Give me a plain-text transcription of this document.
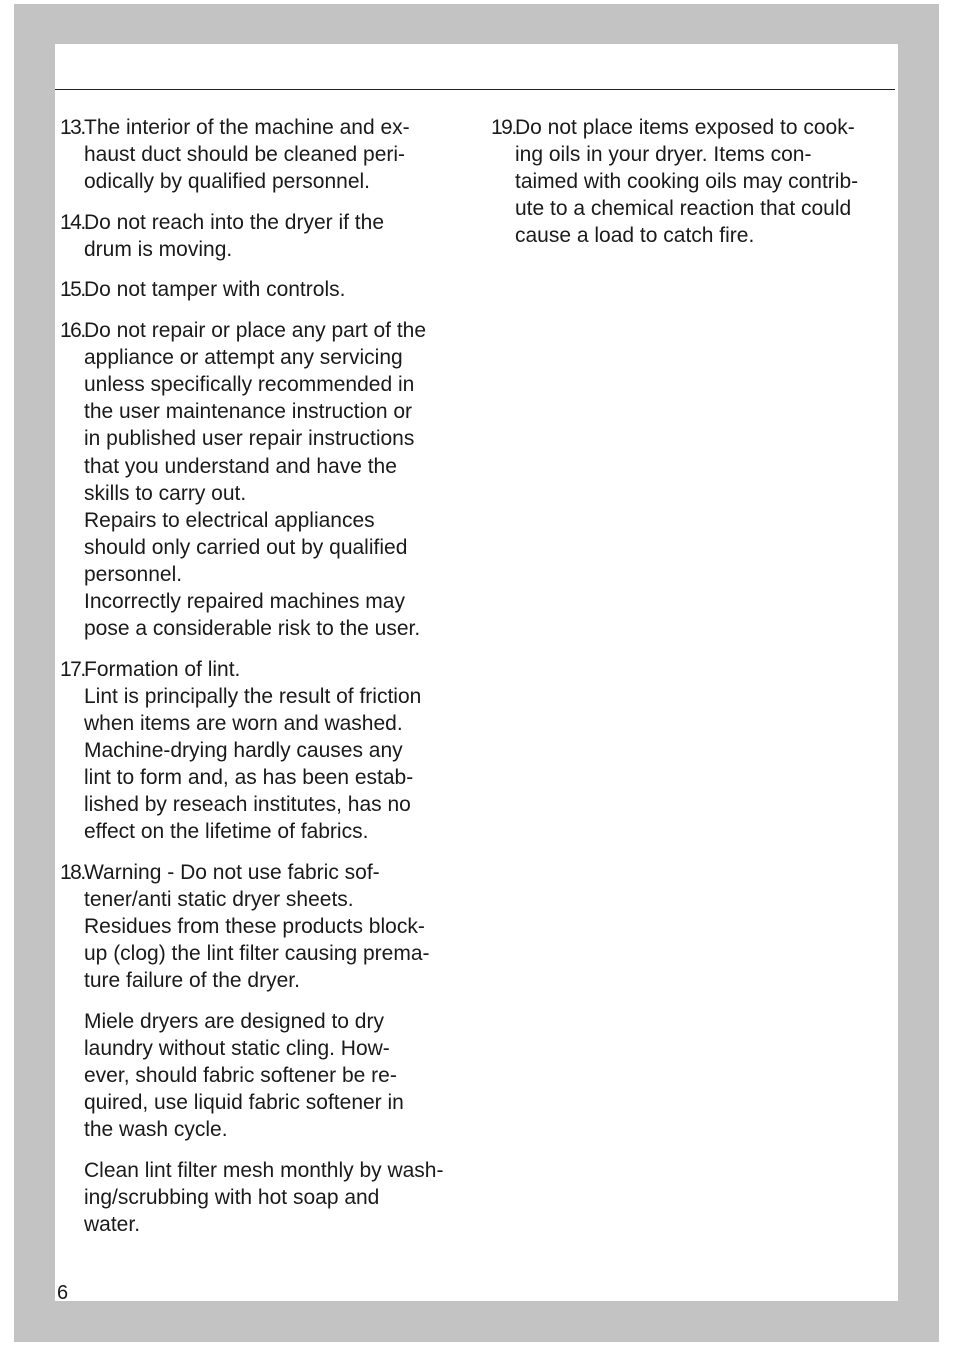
13. The interior of the machine and ex-
haust duct should be cleaned peri-
odically by qualified personnel.
14. Do not reach into the dryer if the
drum is moving.
15. Do not tamper with controls.
16. Do not repair or place any part of the
appliance or attempt any servicing
unless specifically recommended in
the user maintenance instruction or
in published user repair instructions
that you understand and have the
skills to carry out.
Repairs to electrical appliances
should only carried out by qualified
personnel.
Incorrectly repaired machines may
pose a considerable risk to the user.
17. Formation of lint.
Lint is principally the result of friction
when items are worn and washed.
Machine-drying hardly causes any
lint to form and, as has been estab-
lished by reseach institutes, has no
effect on the lifetime of fabrics.
18. Warning - Do not use fabric sof-
tener/anti static dryer sheets.
Residues from these products block-
up (clog) the lint filter causing prema-
ture failure of the dryer.
Miele dryers are designed to dry
laundry without static cling. How-
ever, should fabric softener be re-
quired, use liquid fabric softener in
the wash cycle.
Clean lint filter mesh monthly by wash-
ing/scrubbing with hot soap and
water.
19. Do not place items exposed to cook-
ing oils in your dryer. Items con-
taimed with cooking oils may contrib-
ute to a chemical reaction that could
cause a load to catch fire.
6
